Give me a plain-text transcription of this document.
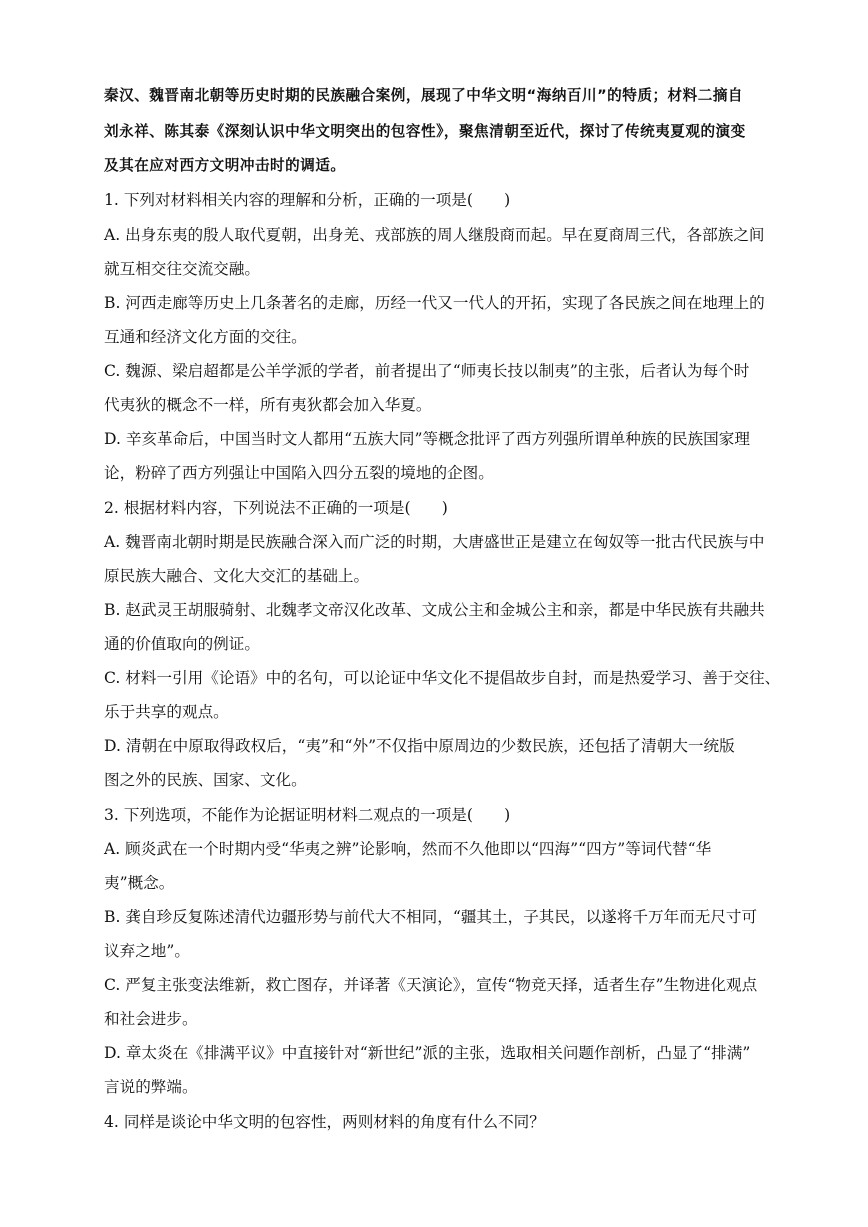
秦汉、魏晋南北朝等历史时期的民族融合案例，展现了中华文明“海纳百川”的特质；材料二摘自
刘永祥、陈其泰《深刻认识中华文明突出的包容性》，聚焦清朝至近代，探讨了传统夷夏观的演变
及其在应对西方文明冲击时的调适。
1. 下列对材料相关内容的理解和分析，正确的一项是(　　)
A. 出身东夷的殷人取代夏朝，出身羌、戎部族的周人继殷商而起。早在夏商周三代，各部族之间
就互相交往交流交融。
B. 河西走廊等历史上几条著名的走廊，历经一代又一代人的开拓，实现了各民族之间在地理上的
互通和经济文化方面的交往。
C. 魏源、梁启超都是公羊学派的学者，前者提出了“师夷长技以制夷”的主张，后者认为每个时
代夷狄的概念不一样，所有夷狄都会加入华夏。
D. 辛亥革命后，中国当时文人都用“五族大同”等概念批评了西方列强所谓单种族的民族国家理
论，粉碎了西方列强让中国陷入四分五裂的境地的企图。
2. 根据材料内容，下列说法不正确的一项是(　　)
A. 魏晋南北朝时期是民族融合深入而广泛的时期，大唐盛世正是建立在匈奴等一批古代民族与中
原民族大融合、文化大交汇的基础上。
B. 赵武灵王胡服骑射、北魏孝文帝汉化改革、文成公主和金城公主和亲，都是中华民族有共融共
通的价值取向的例证。
C. 材料一引用《论语》中的名句，可以论证中华文化不提倡故步自封，而是热爱学习、善于交往、
乐于共享的观点。
D. 清朝在中原取得政权后，“夷”和“外”不仅指中原周边的少数民族，还包括了清朝大一统版
图之外的民族、国家、文化。
3. 下列选项，不能作为论据证明材料二观点的一项是(　　)
A. 顾炎武在一个时期内受“华夷之辨”论影响，然而不久他即以“四海”“四方”等词代替“华
夷”概念。
B. 龚自珍反复陈述清代边疆形势与前代大不相同，“疆其土，子其民，以遂将千万年而无尺寸可
议弃之地”。
C. 严复主张变法维新，救亡图存，并译著《天演论》，宣传“物竞天择，适者生存”生物进化观点
和社会进步。
D. 章太炎在《排满平议》中直接针对“新世纪”派的主张，选取相关问题作剖析，凸显了“排满”
言说的弊端。
4. 同样是谈论中华文明的包容性，两则材料的角度有什么不同？
